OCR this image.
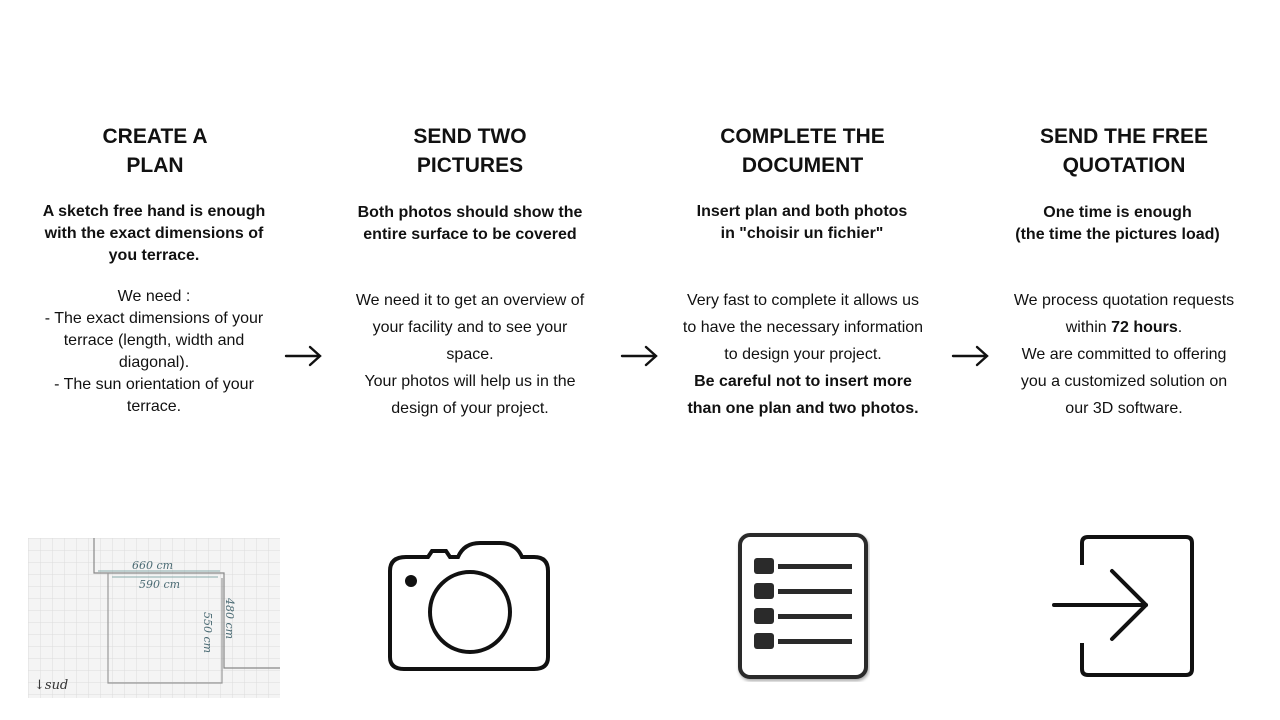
CREATE A
PLAN
A sketch free hand is enough
with the exact dimensions of
you terrace.
We need :
- The exact dimensions of your
terrace (length, width and
diagonal).
- The sun orientation of your
terrace.
660 cm
590 cm
480 cm
550 cm
↓sud
SEND TWO
PICTURES
Both photos should show the
entire surface to be covered
We need it to get an overview of
your facility and to see your
space.
Your photos will help us in the
design of your project.
COMPLETE THE
DOCUMENT
Insert plan and both photos
in "choisir un fichier"
Very fast to complete it allows us
to have the necessary information
to design your project.
Be careful not to insert more
than one plan and two photos.
SEND THE FREE
QUOTATION
One time is enough
(the time the pictures load)
We process quotation requests
within 72 hours.
We are committed to offering
you a customized solution on
our 3D software.
